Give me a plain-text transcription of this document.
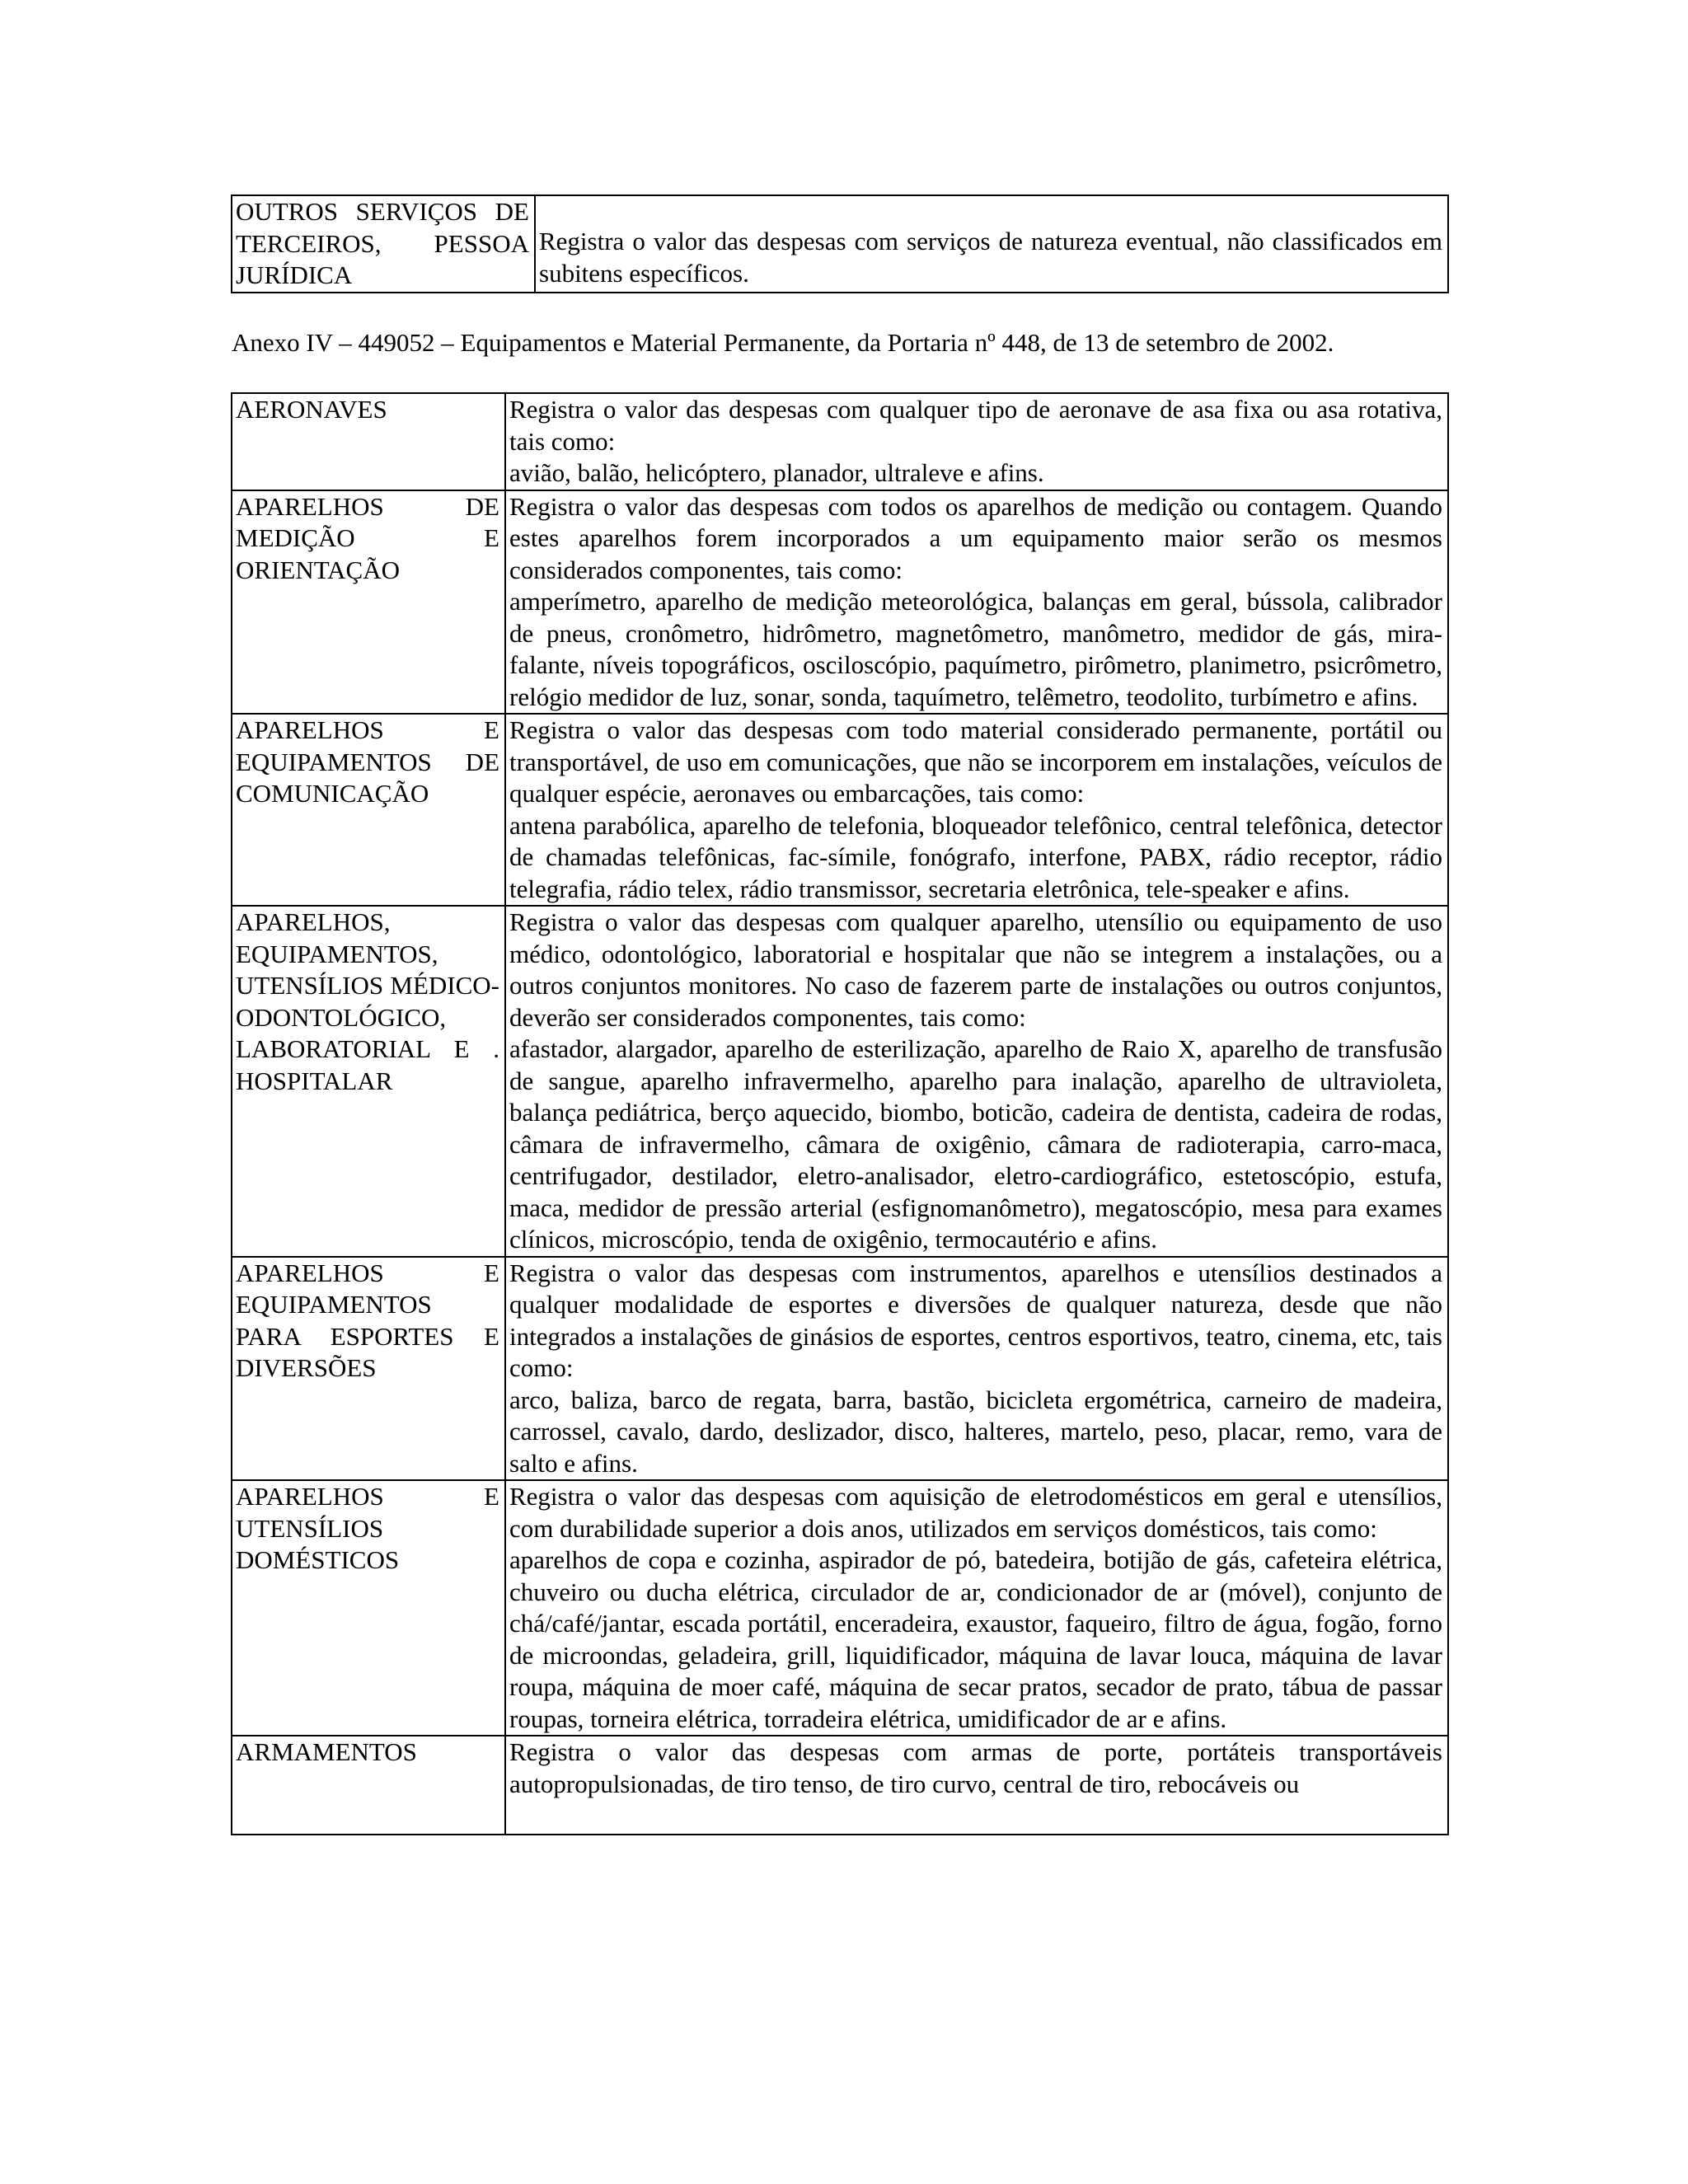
OUTROS SERVIÇOS DE TERCEIROS, PESSOA JURÍDICA	Registra o valor das despesas com serviços de natureza eventual, não classificados em subitens específicos.
Anexo IV – 449052 – Equipamentos e Material Permanente, da Portaria nº 448, de 13 de setembro de 2002.
AERONAVES	Registra o valor das despesas com qualquer tipo de aeronave de asa fixa ou asa rotativa, tais como:
avião, balão, helicóptero, planador, ultraleve e afins.

APARELHOS DE MEDIÇÃO E ORIENTAÇÃO	Registra o valor das despesas com todos os aparelhos de medição ou contagem. Quando estes aparelhos forem incorporados a um equipamento maior serão os mesmos considerados componentes, tais como:
amperímetro, aparelho de medição meteorológica, balanças em geral, bússola, calibrador de pneus, cronômetro, hidrômetro, magnetômetro, manômetro, medidor de gás, mira-falante, níveis topográficos, osciloscópio, paquímetro, pirômetro, planimetro, psicrômetro, relógio medidor de luz, sonar, sonda, taquímetro, telêmetro, teodolito, turbímetro e afins.

APARELHOS E EQUIPAMENTOS DE COMUNICAÇÃO	Registra o valor das despesas com todo material considerado permanente, portátil ou transportável, de uso em comunicações, que não se incorporem em instalações, veículos de qualquer espécie, aeronaves ou embarcações, tais como:
antena parabólica, aparelho de telefonia, bloqueador telefônico, central telefônica, detector de chamadas telefônicas, fac-símile, fonógrafo, interfone, PABX, rádio receptor, rádio telegrafia, rádio telex, rádio transmissor, secretaria eletrônica, tele-speaker e afins.

APARELHOS, EQUIPAMENTOS, UTENSÍLIOS MÉDICO-ODONTOLÓGICO, LABORATORIAL E . HOSPITALAR	Registra o valor das despesas com qualquer aparelho, utensílio ou equipamento de uso médico, odontológico, laboratorial e hospitalar que não se integrem a instalações, ou a outros conjuntos monitores. No caso de fazerem parte de instalações ou outros conjuntos, deverão ser considerados componentes, tais como:
afastador, alargador, aparelho de esterilização, aparelho de Raio X, aparelho de transfusão de sangue, aparelho infravermelho, aparelho para inalação, aparelho de ultravioleta, balança pediátrica, berço aquecido, biombo, boticão, cadeira de dentista, cadeira de rodas, câmara de infravermelho, câmara de oxigênio, câmara de radioterapia, carro-maca, centrifugador, destilador, eletro-analisador, eletro-cardiográfico, estetoscópio, estufa, maca, medidor de pressão arterial (esfignomanômetro), megatoscópio, mesa para exames clínicos, microscópio, tenda de oxigênio, termocautério e afins.

APARELHOS E EQUIPAMENTOS PARA ESPORTES E DIVERSÕES	Registra o valor das despesas com instrumentos, aparelhos e utensílios destinados a qualquer modalidade de esportes e diversões de qualquer natureza, desde que não integrados a instalações de ginásios de esportes, centros esportivos, teatro, cinema, etc, tais como:
arco, baliza, barco de regata, barra, bastão, bicicleta ergométrica, carneiro de madeira, carrossel, cavalo, dardo, deslizador, disco, halteres, martelo, peso, placar, remo, vara de salto e afins.

APARELHOS E UTENSÍLIOS DOMÉSTICOS	Registra o valor das despesas com aquisição de eletrodomésticos em geral e utensílios, com durabilidade superior a dois anos, utilizados em serviços domésticos, tais como:
aparelhos de copa e cozinha, aspirador de pó, batedeira, botijão de gás, cafeteira elétrica, chuveiro ou ducha elétrica, circulador de ar, condicionador de ar (móvel), conjunto de chá/café/jantar, escada portátil, enceradeira, exaustor, faqueiro, filtro de água, fogão, forno de microondas, geladeira, grill, liquidificador, máquina de lavar louca, máquina de lavar roupa, máquina de moer café, máquina de secar pratos, secador de prato, tábua de passar roupas, torneira elétrica, torradeira elétrica, umidificador de ar e afins.

ARMAMENTOS	Registra o valor das despesas com armas de porte, portáteis transportáveis autopropulsionadas, de tiro tenso, de tiro curvo, central de tiro, rebocáveis ou
